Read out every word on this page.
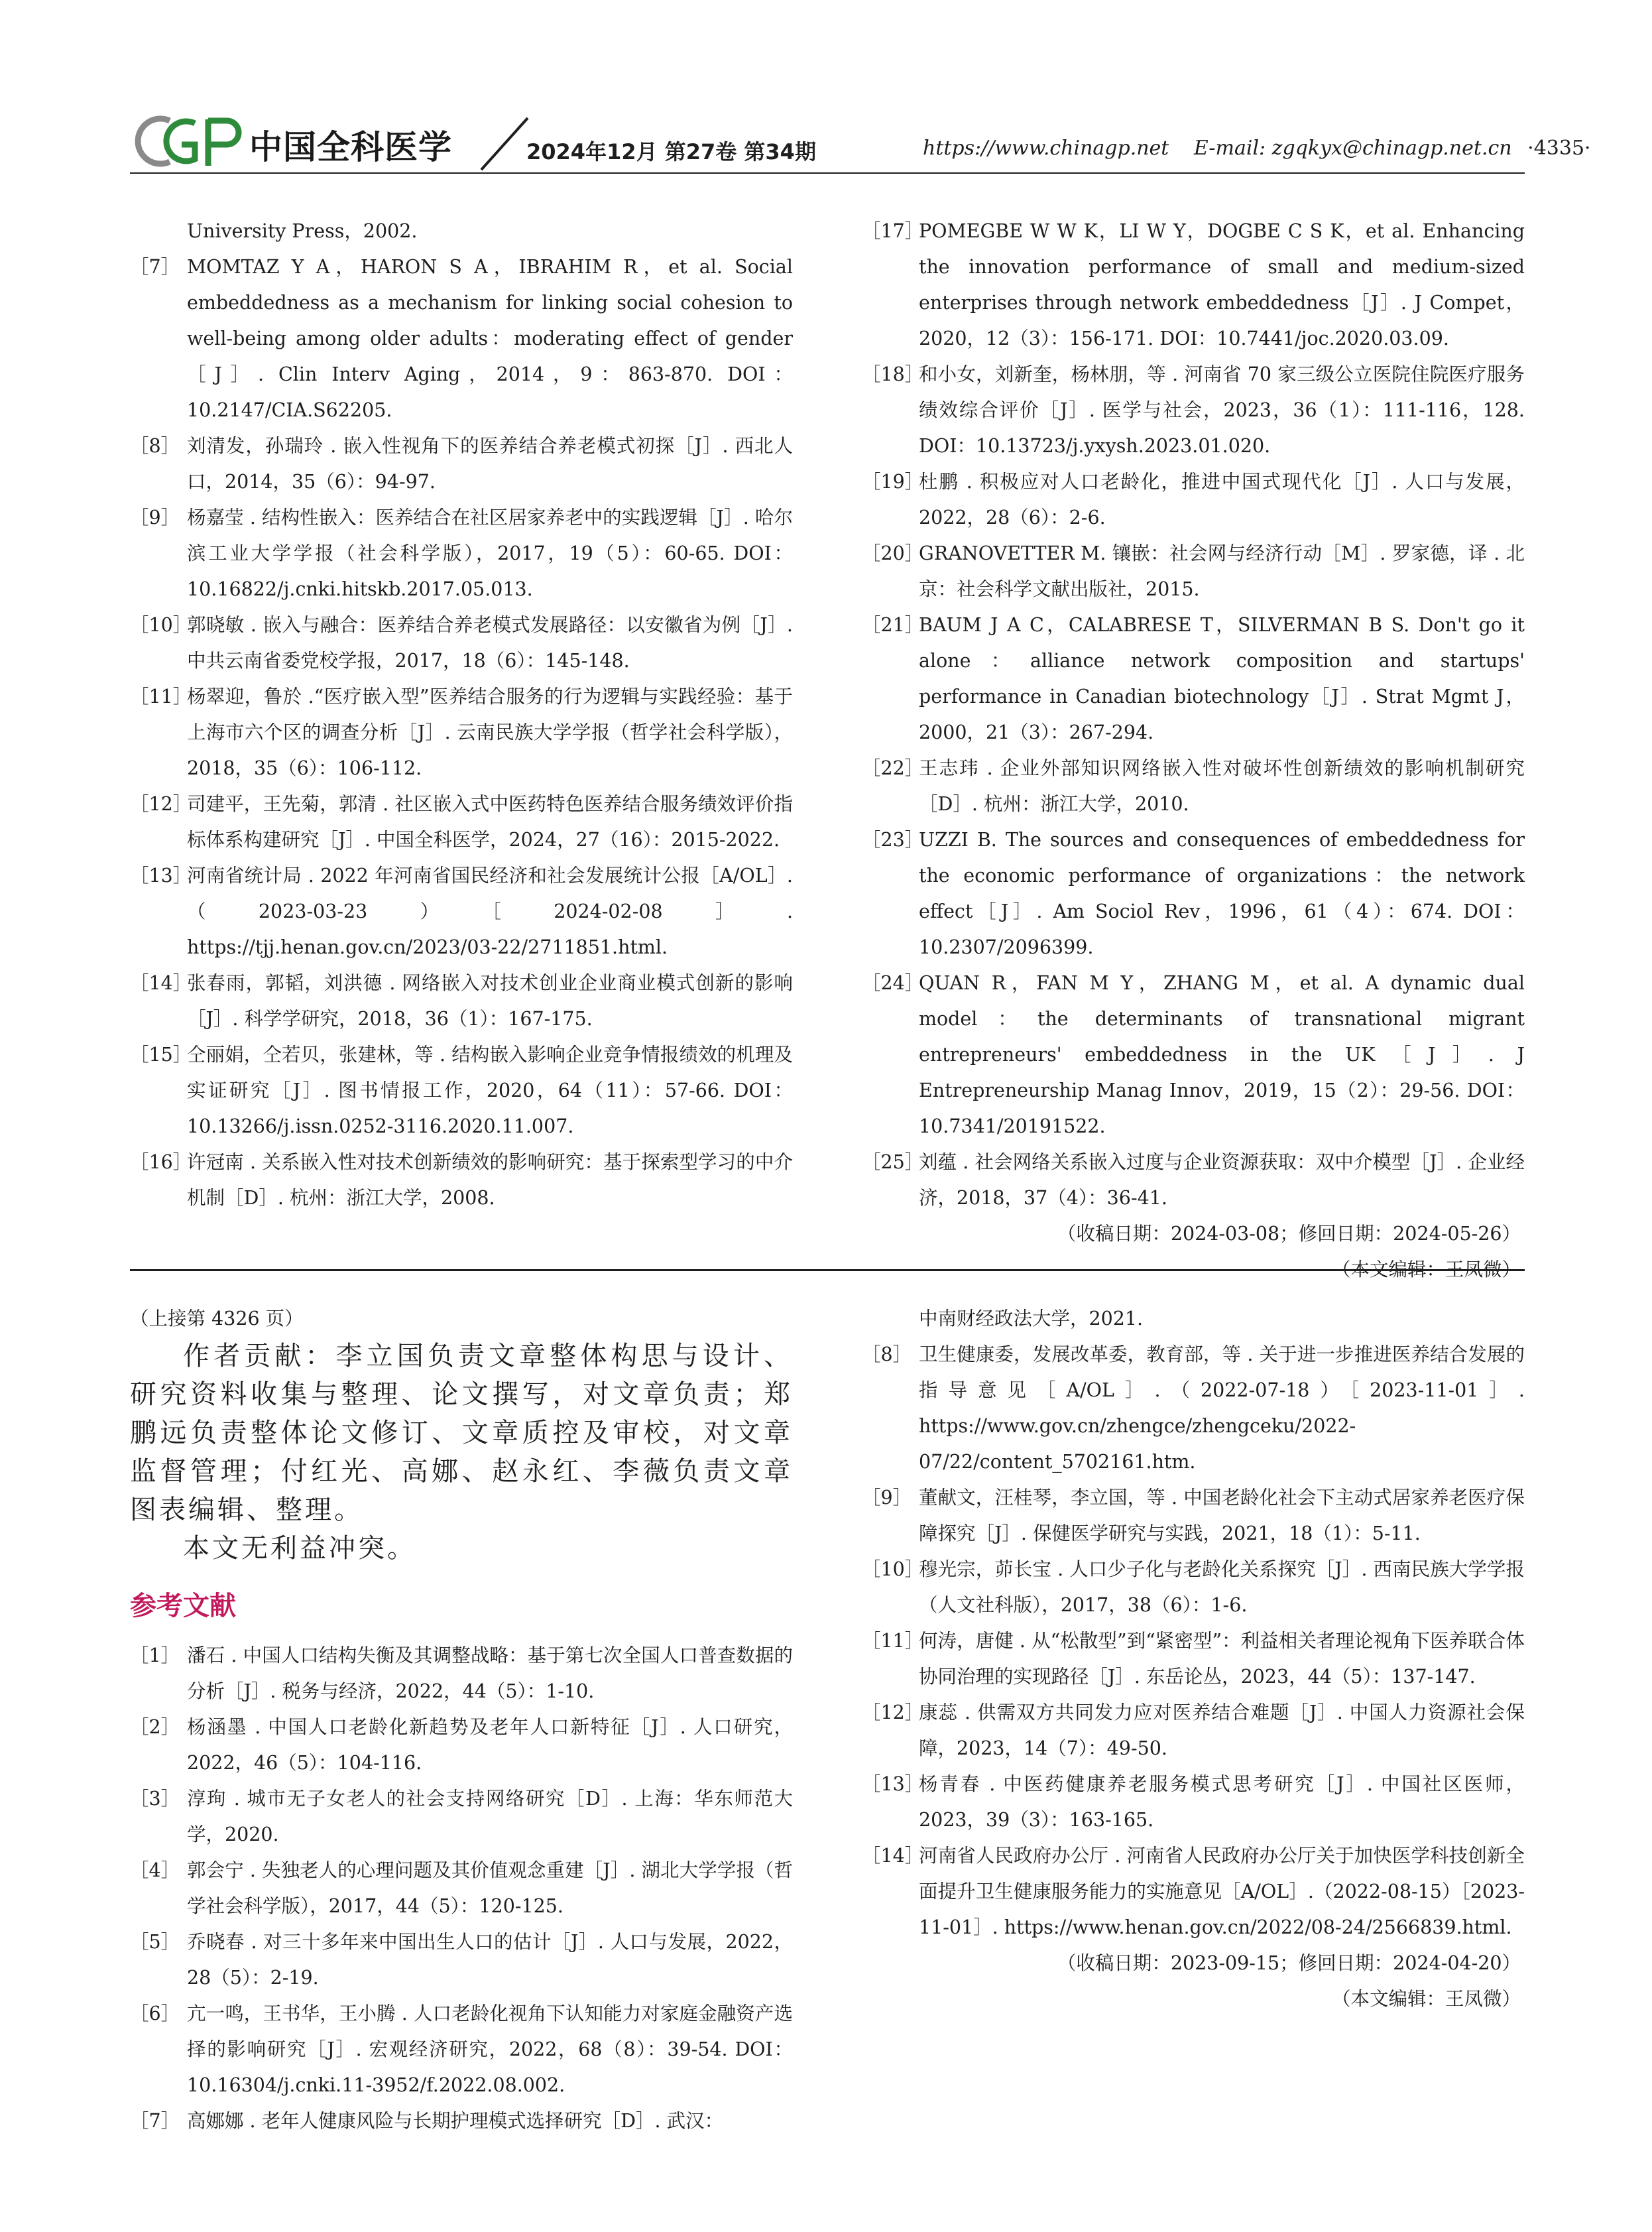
中国全科医学	2024年12月 第27卷 第34期	https://www.chinagp.net E-mail: zgqkyx@chinagp.net.cn ·4335·

University Press，2002.

［7］ MOMTAZ Y A，HARON S A，IBRAHIM R，et al. Social embeddedness as a mechanism for linking social cohesion to well-being among older adults：moderating effect of gender［J］. Clin Interv Aging，2014，9：863-870. DOI：10.2147/CIA.S62205.

［8］ 刘清发，孙瑞玲 . 嵌入性视角下的医养结合养老模式初探［J］. 西北人口，2014，35（6）：94-97.

［9］ 杨嘉莹 . 结构性嵌入：医养结合在社区居家养老中的实践逻辑［J］. 哈尔滨工业大学学报（社会科学版），2017，19（5）：60-65. DOI：10.16822/j.cnki.hitskb.2017.05.013.

［10］
郭晓敏 . 嵌入与融合：医养结合养老模式发展路径：以安徽省为例［J］. 中共云南省委党校学报，2017，18（6）：145-148.

［11］
杨翠迎，鲁於 .“医疗嵌入型”医养结合服务的行为逻辑与实践经验：基于上海市六个区的调查分析［J］. 云南民族大学学报（哲学社会科学版），2018，35（6）：106-112.

［12］
司建平，王先菊，郭清 . 社区嵌入式中医药特色医养结合服务绩效评价指标体系构建研究［J］. 中国全科医学，2024，27（16）：2015-2022.

［13］
河南省统计局 . 2022 年河南省国民经济和社会发展统计公报［A/OL］.（2023-03-23）［2024-02-08］. https://tjj.henan.gov.cn/2023/03-22/2711851.html.

［14］
张春雨，郭韬，刘洪德 . 网络嵌入对技术创业企业商业模式创新的影响［J］. 科学学研究，2018，36（1）：167-175.

［15］
仝丽娟，仝若贝，张建林，等 . 结构嵌入影响企业竞争情报绩效的机理及实证研究［J］. 图书情报工作，2020，64（11）：57-66. DOI：10.13266/j.issn.0252-3116.2020.11.007.

［16］
许冠南 . 关系嵌入性对技术创新绩效的影响研究：基于探索型学习的中介机制［D］. 杭州：浙江大学，2008.

［17］
POMEGBE W W K，LI W Y，DOGBE C S K，et al. Enhancing the innovation performance of small and medium-sized enterprises through network embeddedness［J］. J Compet，2020，12（3）：156-171. DOI：10.7441/joc.2020.03.09.

［18］
和小女，刘新奎，杨林朋，等 . 河南省 70 家三级公立医院住院医疗服务绩效综合评价［J］. 医学与社会，2023，36（1）：111-116，128. DOI：10.13723/j.yxysh.2023.01.020.

［19］
杜鹏 . 积极应对人口老龄化，推进中国式现代化［J］. 人口与发展，2022，28（6）：2-6.

［20］
GRANOVETTER M. 镶嵌：社会网与经济行动［M］. 罗家德，译 . 北京：社会科学文献出版社，2015.

［21］
BAUM J A C，CALABRESE T，SILVERMAN B S. Don't go it alone：alliance network composition and startups' performance in Canadian biotechnology［J］. Strat Mgmt J，2000，21（3）：267-294.

［22］
王志玮 . 企业外部知识网络嵌入性对破坏性创新绩效的影响机制研究［D］. 杭州：浙江大学，2010.

［23］
UZZI B. The sources and consequences of embeddedness for the economic performance of organizations：the network effect［J］. Am Sociol Rev，1996，61（4）：674. DOI：10.2307/2096399.

［24］
QUAN R，FAN M Y，ZHANG M，et al. A dynamic dual model：the determinants of transnational migrant entrepreneurs' embeddedness in the UK［J］. J Entrepreneurship Manag Innov，2019，15（2）：29-56. DOI：10.7341/20191522.

［25］
刘蕴 . 社会网络关系嵌入过度与企业资源获取：双中介模型［J］. 企业经济，2018，37（4）：36-41.

（收稿日期：2024-03-08；修回日期：2024-05-26）

（本文编辑：王凤微）

（上接第 4326 页）

作者贡献：李立国负责文章整体构思与设计、研究资料收集与整理、论文撰写，对文章负责；郑鹏远负责整体论文修订、文章质控及审校，对文章监督管理；付红光、高娜、赵永红、李薇负责文章图表编辑、整理。

本文无利益冲突。

参考文献

［1］ 潘石 . 中国人口结构失衡及其调整战略：基于第七次全国人口普查数据的分析［J］. 税务与经济，2022，44（5）：1-10.

［2］ 杨涵墨 . 中国人口老龄化新趋势及老年人口新特征［J］. 人口研究，2022，46（5）：104-116.

［3］ 淳珣 . 城市无子女老人的社会支持网络研究［D］. 上海：华东师范大学，2020.

［4］ 郭会宁 . 失独老人的心理问题及其价值观念重建［J］. 湖北大学学报（哲学社会科学版），2017，44（5）：120-125.

［5］ 乔晓春 . 对三十多年来中国出生人口的估计［J］. 人口与发展，2022，28（5）：2-19.

［6］ 亢一鸣，王书华，王小腾 . 人口老龄化视角下认知能力对家庭金融资产选择的影响研究［J］. 宏观经济研究，2022，68（8）：39-54. DOI：10.16304/j.cnki.11-3952/f.2022.08.002.

［7］ 高娜娜 . 老年人健康风险与长期护理模式选择研究［D］. 武汉：

中南财经政法大学，2021.

［8］ 卫生健康委，发展改革委，教育部，等 . 关于进一步推进医养结合发展的指导意见［A/OL］.（2022-07-18）［2023-11-01］. https://www.gov.cn/zhengce/zhengceku/2022-07/22/content_5702161.htm.

［9］ 董献文，汪桂琴，李立国，等 . 中国老龄化社会下主动式居家养老医疗保障探究［J］. 保健医学研究与实践，2021，18（1）：5-11.

［10］
穆光宗，茆长宝 . 人口少子化与老龄化关系探究［J］. 西南民族大学学报（人文社科版），2017，38（6）：1-6.

［11］
何涛，唐健 . 从“松散型”到“紧密型”：利益相关者理论视角下医养联合体协同治理的实现路径［J］. 东岳论丛，2023，44（5）：137-147.

［12］
康蕊 . 供需双方共同发力应对医养结合难题［J］. 中国人力资源社会保障，2023，14（7）：49-50.

［13］
杨青春 . 中医药健康养老服务模式思考研究［J］. 中国社区医师，2023，39（3）：163-165.

［14］
河南省人民政府办公厅 . 河南省人民政府办公厅关于加快医学科技创新全面提升卫生健康服务能力的实施意见［A/OL］.（2022-08-15）［2023-11-01］. https://www.henan.gov.cn/2022/08-24/2566839.html.

（收稿日期：2023-09-15；修回日期：2024-04-20）

（本文编辑：王凤微）
